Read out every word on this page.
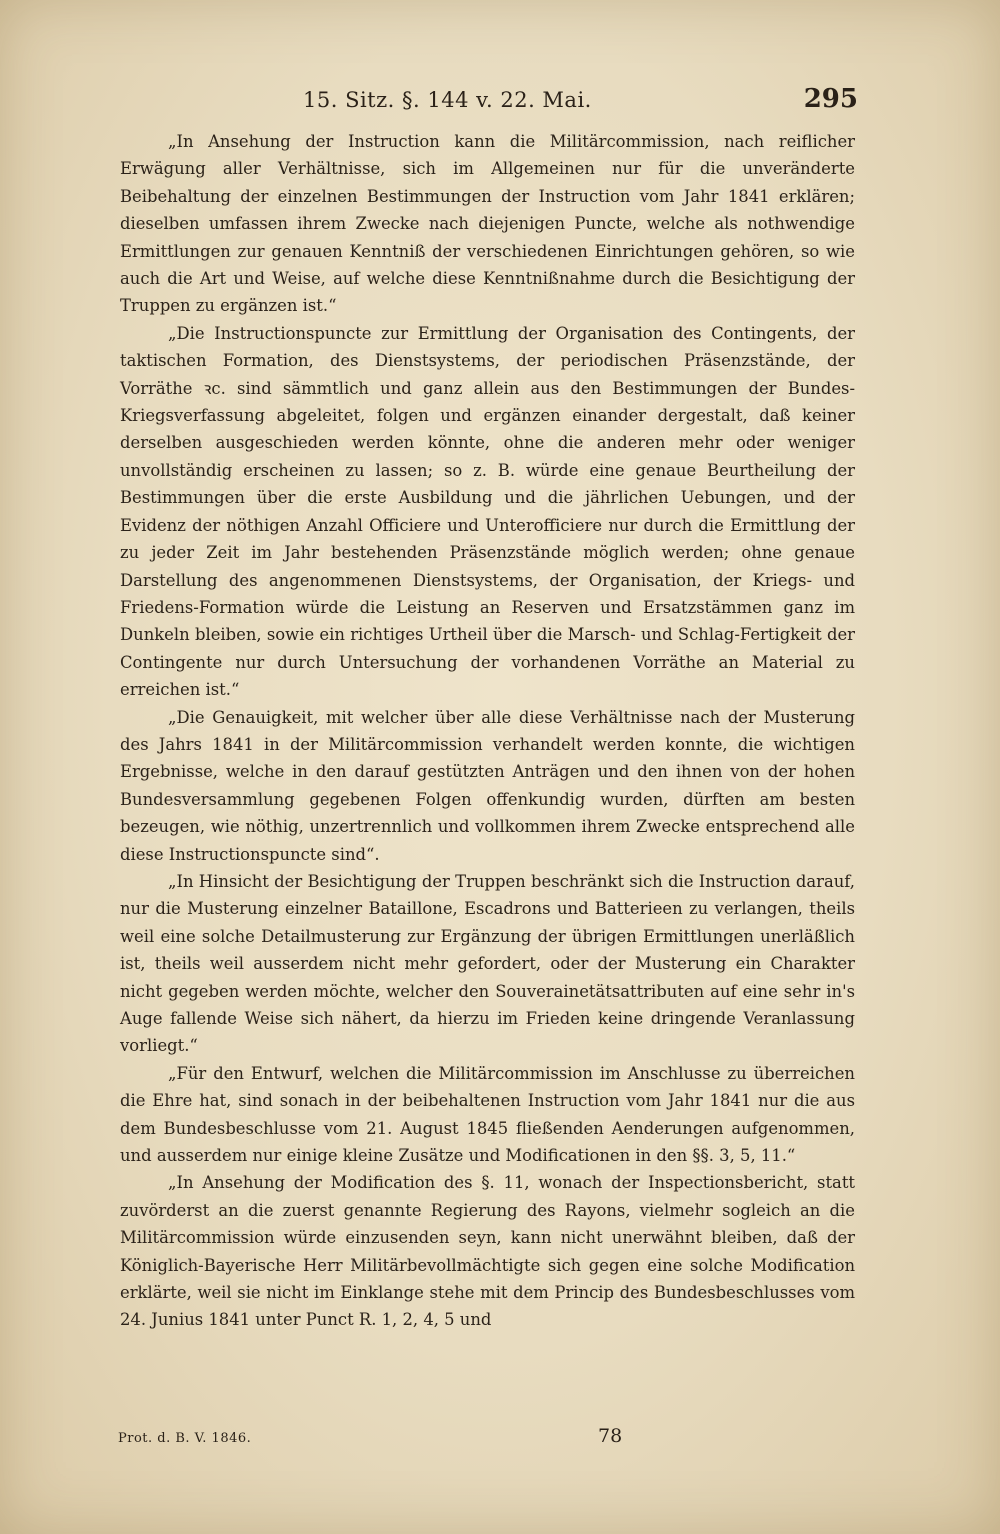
15. Sitz. §. 144 v. 22. Mai.	295

„In Ansehung der Instruction kann die Militärcommission, nach reiflicher Erwägung aller Verhältnisse, sich im Allgemeinen nur für die unveränderte Beibehaltung der einzelnen Bestimmungen der Instruction vom Jahr 1841 erklären; dieselben umfassen ihrem Zwecke nach diejenigen Puncte, welche als nothwendige Ermittlungen zur genauen Kenntniß der verschiedenen Einrichtungen gehören, so wie auch die Art und Weise, auf welche diese Kenntnißnahme durch die Besichtigung der Truppen zu ergänzen ist.“

„Die Instructionspuncte zur Ermittlung der Organisation des Contingents, der taktischen Formation, des Dienstsystems, der periodischen Präsenzstände, der Vorräthe ꝛc. sind sämmtlich und ganz allein aus den Bestimmungen der Bundes-Kriegsverfassung abgeleitet, folgen und ergänzen einander dergestalt, daß keiner derselben ausgeschieden werden könnte, ohne die anderen mehr oder weniger unvollständig erscheinen zu lassen; so z. B. würde eine genaue Beurtheilung der Bestimmungen über die erste Ausbildung und die jährlichen Uebungen, und der Evidenz der nöthigen Anzahl Officiere und Unterofficiere nur durch die Ermittlung der zu jeder Zeit im Jahr bestehenden Präsenzstände möglich werden; ohne genaue Darstellung des angenommenen Dienstsystems, der Organisation, der Kriegs- und Friedens-Formation würde die Leistung an Reserven und Ersatzstämmen ganz im Dunkeln bleiben, sowie ein richtiges Urtheil über die Marsch- und Schlag-Fertigkeit der Contingente nur durch Untersuchung der vorhandenen Vorräthe an Material zu erreichen ist.“

„Die Genauigkeit, mit welcher über alle diese Verhältnisse nach der Musterung des Jahrs 1841 in der Militärcommission verhandelt werden konnte, die wichtigen Ergebnisse, welche in den darauf gestützten Anträgen und den ihnen von der hohen Bundesversammlung gegebenen Folgen offenkundig wurden, dürften am besten bezeugen, wie nöthig, unzertrennlich und vollkommen ihrem Zwecke entsprechend alle diese Instructionspuncte sind“.

„In Hinsicht der Besichtigung der Truppen beschränkt sich die Instruction darauf, nur die Musterung einzelner Bataillone, Escadrons und Batterieen zu verlangen, theils weil eine solche Detailmusterung zur Ergänzung der übrigen Ermittlungen unerläßlich ist, theils weil ausserdem nicht mehr gefordert, oder der Musterung ein Charakter nicht gegeben werden möchte, welcher den Souverainetätsattributen auf eine sehr in's Auge fallende Weise sich nähert, da hierzu im Frieden keine dringende Veranlassung vorliegt.“

„Für den Entwurf, welchen die Militärcommission im Anschlusse zu überreichen die Ehre hat, sind sonach in der beibehaltenen Instruction vom Jahr 1841 nur die aus dem Bundesbeschlusse vom 21. August 1845 fließenden Aenderungen aufgenommen, und ausserdem nur einige kleine Zusätze und Modificationen in den §§. 3, 5, 11.“

„In Ansehung der Modification des §. 11, wonach der Inspectionsbericht, statt zuvörderst an die zuerst genannte Regierung des Rayons, vielmehr sogleich an die Militärcommission würde einzusenden seyn, kann nicht unerwähnt bleiben, daß der Königlich-Bayerische Herr Militärbevollmächtigte sich gegen eine solche Modification erklärte, weil sie nicht im Einklange stehe mit dem Princip des Bundesbeschlusses vom 24. Junius 1841 unter Punct R. 1, 2, 4, 5 und

Prot. d. B. V. 1846.	78
